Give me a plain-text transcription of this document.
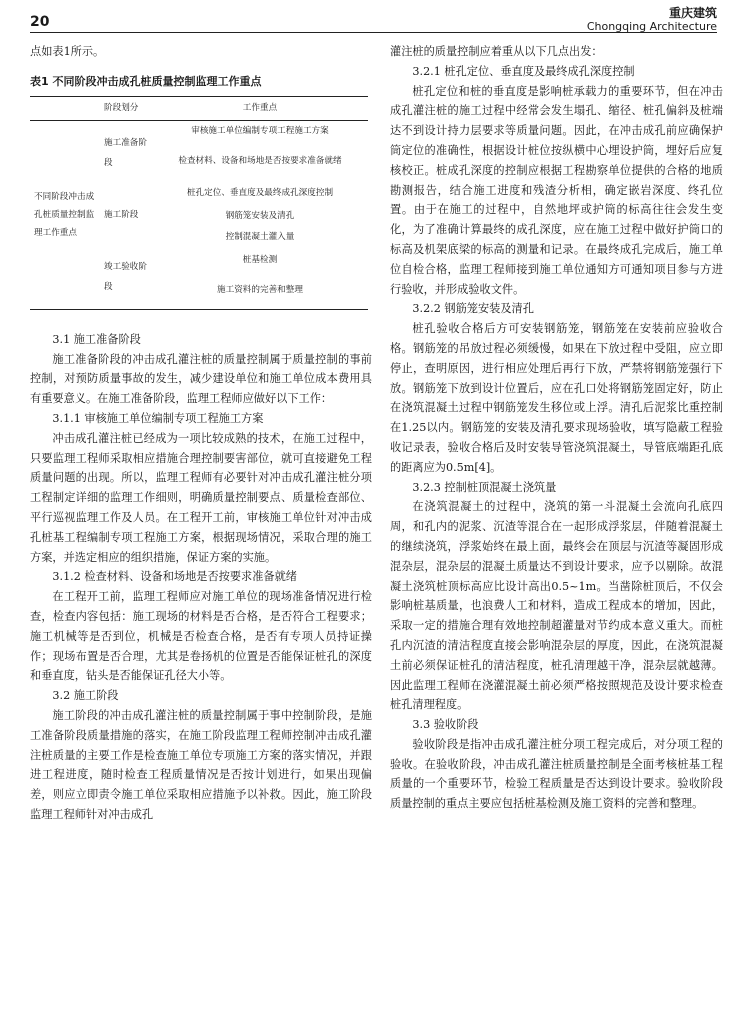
20
重庆建筑
Chongqing Architecture

点如表1所示。

表1 不同阶段冲击成孔桩质量控制监理工作重点
	阶段划分	工作重点
不同阶段冲击成孔桩质量控制监理工作重点	施工准备阶段	审核施工单位编制专项工程施工方案
		检查材料、设备和场地是否按要求准备就绪
	施工阶段	桩孔定位、垂直度及最终成孔深度控制
		钢筋笼安装及清孔
		控制混凝土灌入量
	竣工验收阶段	桩基检测
		施工资料的完善和整理
3.1 施工准备阶段

施工准备阶段的冲击成孔灌注桩的质量控制属于质量控制的事前控制，对预防质量事故的发生，减少建设单位和施工单位成本费用具有重要意义。在施工准备阶段，监理工程师应做好以下工作：

3.1.1 审核施工单位编制专项工程施工方案

冲击成孔灌注桩已经成为一项比较成熟的技术，在施工过程中，只要监理工程师采取相应措施合理控制要害部位，就可直接避免工程质量问题的出现。所以，监理工程师有必要针对冲击成孔灌注桩分项工程制定详细的监理工作细则，明确质量控制要点、质量检查部位、平行巡视监理工作及人员。在工程开工前，审核施工单位针对冲击成孔桩基工程编制专项工程施工方案，根据现场情况，采取合理的施工方案，并选定相应的组织措施，保证方案的实施。

3.1.2 检查材料、设备和场地是否按要求准备就绪

在工程开工前，监理工程师应对施工单位的现场准备情况进行检查，检查内容包括：施工现场的材料是否合格，是否符合工程要求；施工机械等是否到位，机械是否检查合格，是否有专项人员持证操作；现场布置是否合理，尤其是卷扬机的位置是否能保证桩孔的深度和垂直度，钻头是否能保证孔径大小等。

3.2 施工阶段

施工阶段的冲击成孔灌注桩的质量控制属于事中控制阶段，是施工准备阶段质量措施的落实，在施工阶段监理工程师控制冲击成孔灌注桩质量的主要工作是检查施工单位专项施工方案的落实情况，并跟进工程进度，随时检查工程质量情况是否按计划进行，如果出现偏差，则应立即责令施工单位采取相应措施予以补救。因此，施工阶段监理工程师针对冲击成孔

灌注桩的质量控制应着重从以下几点出发：

3.2.1 桩孔定位、垂直度及最终成孔深度控制

桩孔定位和桩的垂直度是影响桩承载力的重要环节，但在冲击成孔灌注桩的施工过程中经常会发生塌孔、缩径、桩孔偏斜及桩端达不到设计持力层要求等质量问题。因此，在冲击成孔前应确保护筒定位的准确性，根据设计桩位按纵横中心埋设护筒，埋好后应复核校正。桩成孔深度的控制应根据工程勘察单位提供的合格的地质勘测报告，结合施工进度和残渣分析相，确定嵌岩深度、终孔位置。由于在施工的过程中，自然地坪或护筒的标高往往会发生变化，为了准确计算最终的成孔深度，应在施工过程中做好护筒口的标高及机架底梁的标高的测量和记录。在最终成孔完成后，施工单位自检合格，监理工程师接到施工单位通知方可通知项目参与方进行验收，并形成验收文件。

3.2.2 钢筋笼安装及清孔

桩孔验收合格后方可安装钢筋笼，钢筋笼在安装前应验收合格。钢筋笼的吊放过程必须缓慢，如果在下放过程中受阻，应立即停止，查明原因，进行相应处理后再行下放，严禁将钢筋笼强行下放。钢筋笼下放到设计位置后，应在孔口处将钢筋笼固定好，防止在浇筑混凝土过程中钢筋笼发生移位或上浮。清孔后泥浆比重控制在1.25以内。钢筋笼的安装及清孔要求现场验收，填写隐蔽工程验收记录表，验收合格后及时安装导管浇筑混凝土，导管底端距孔底的距离应为0.5m[4]。

3.2.3 控制桩顶混凝土浇筑量

在浇筑混凝土的过程中，浇筑的第一斗混凝土会流向孔底四周，和孔内的泥浆、沉渣等混合在一起形成浮浆层，伴随着混凝土的继续浇筑，浮浆始终在最上面，最终会在顶层与沉渣等凝固形成混杂层，混杂层的混凝土质量达不到设计要求，应予以剔除。故混凝土浇筑桩顶标高应比设计高出0.5~1m。当凿除桩顶后，不仅会影响桩基质量，也浪费人工和材料，造成工程成本的增加，因此，采取一定的措施合理有效地控制超灌量对节约成本意义重大。而桩孔内沉渣的清洁程度直接会影响混杂层的厚度，因此，在浇筑混凝土前必须保证桩孔的清洁程度，桩孔清理越干净，混杂层就越薄。因此监理工程师在浇灌混凝土前必须严格按照规范及设计要求检查桩孔清理程度。

3.3 验收阶段

验收阶段是指冲击成孔灌注桩分项工程完成后，对分项工程的验收。在验收阶段，冲击成孔灌注桩质量控制是全面考核桩基工程质量的一个重要环节，检验工程质量是否达到设计要求。验收阶段质量控制的重点主要应包括桩基检测及施工资料的完善和整理。
